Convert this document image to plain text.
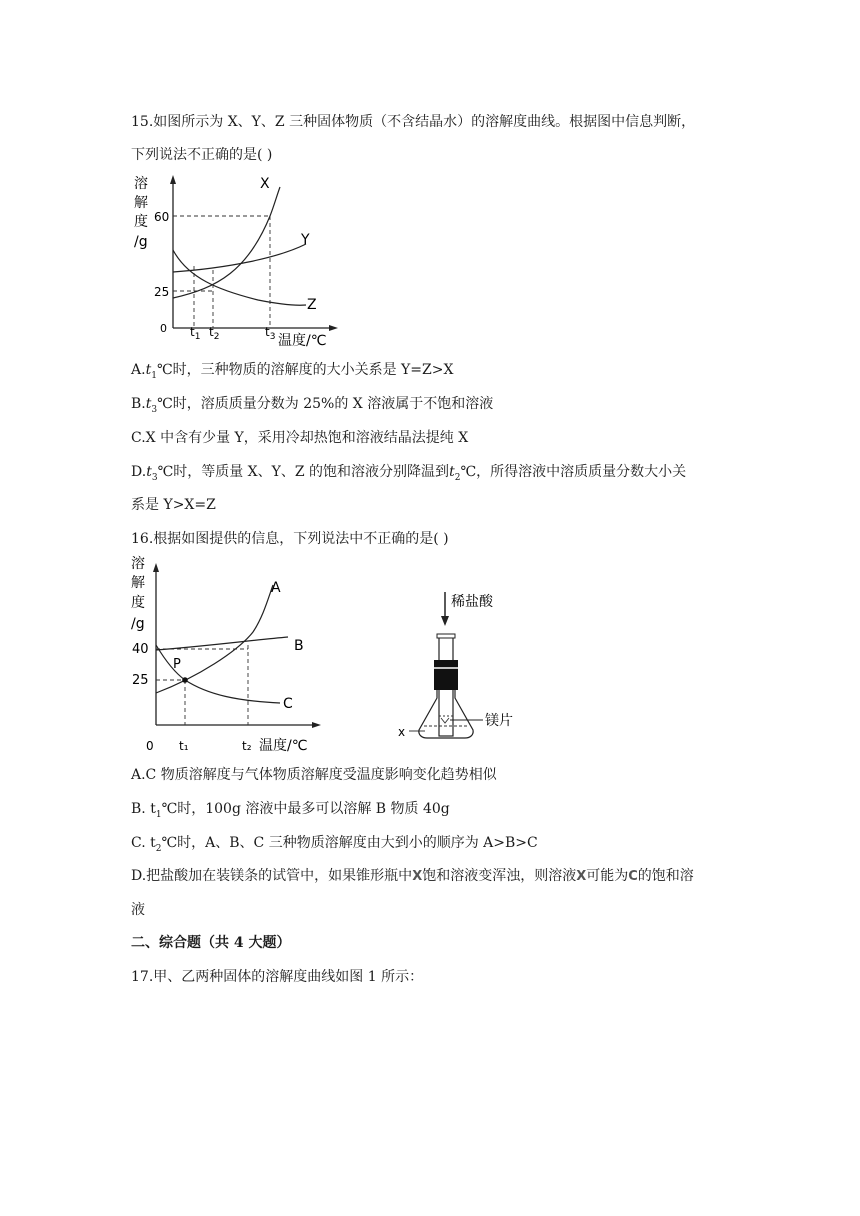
15.如图所示为 X、Y、Z 三种固体物质（不含结晶水）的溶解度曲线。根据图中信息判断，
下列说法不正确的是( )
溶
解
度
/g
60
25
0
X
Y
Z
$t_1$ $t_2$	$t_3$ 温度/℃
$A.t_1℃$时，三种物质的溶解度的大小关系是 Y=Z>X
$B.t_3℃$时，溶质质量分数为 25%的 X 溶液属于不饱和溶液
C.X 中含有少量 Y，采用冷却热饱和溶液结晶法提纯 X
$D.t_3℃$时，等质量 X、Y、Z 的饱和溶液分别降温到$t_2℃$，所得溶液中溶质质量分数大小关
系是 Y>X=Z
16.根据如图提供的信息，下列说法中不正确的是( )
溶
解
度
/g
40
25
0
P
A
B
C
t₁	t₂ 温度/℃
稀盐酸
镁片
x
A.C 物质溶解度与气体物质溶解度受温度影响变化趋势相似
B. $t_1℃$时，100g 溶液中最多可以溶解 B 物质 40g
C. $t_2℃$时，A、B、C 三种物质溶解度由大到小的顺序为 A>B>C
D.把盐酸加在装镁条的试管中，如果锥形瓶中X饱和溶液变浑浊，则溶液X可能为C的饱和溶
液
二、综合题（共 4 大题）
17.甲、乙两种固体的溶解度曲线如图 1 所示：
